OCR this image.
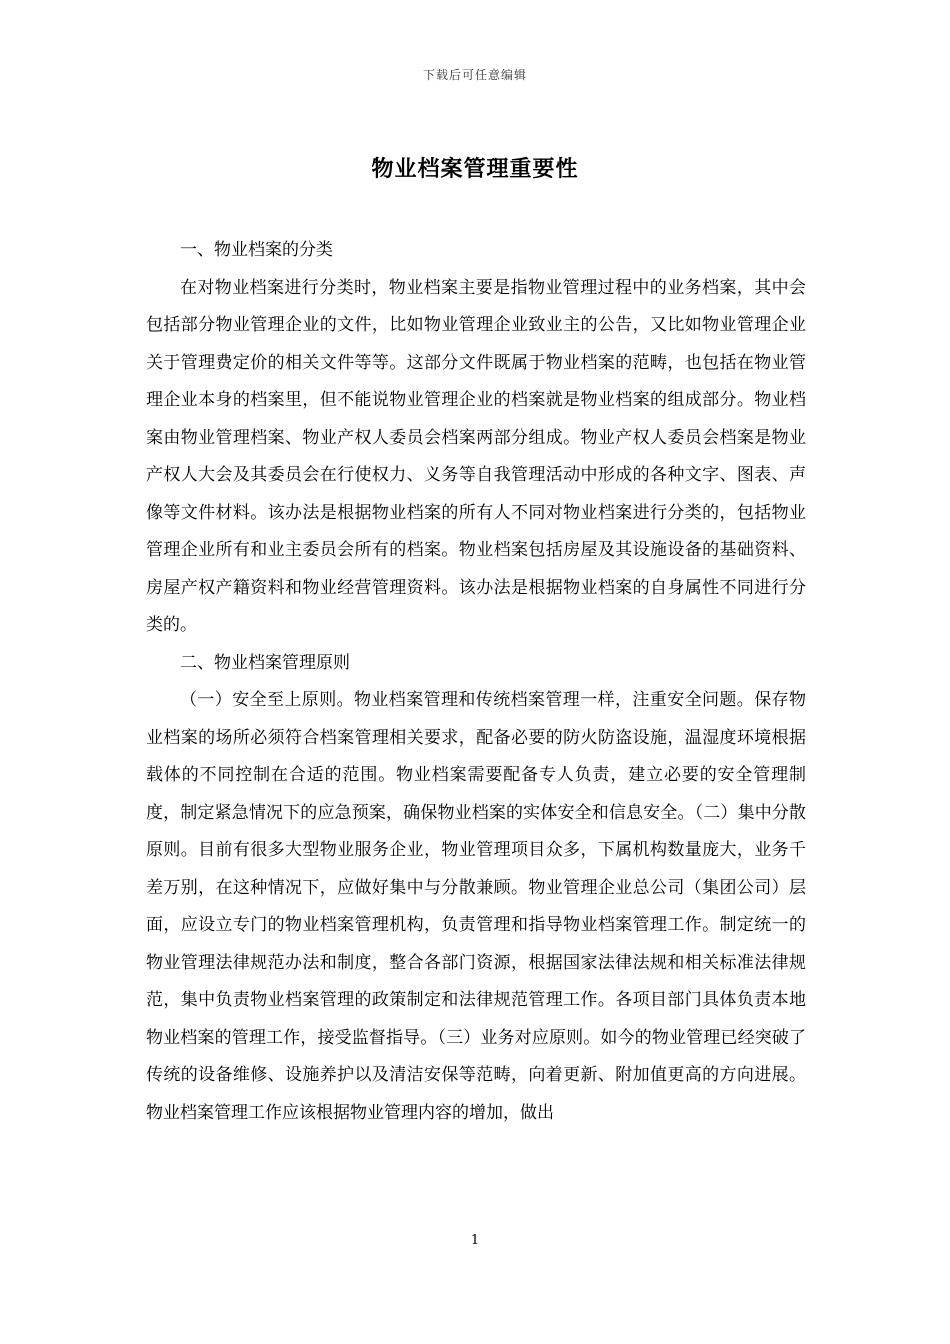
下载后可任意编辑
物业档案管理重要性

一、物业档案的分类

在对物业档案进行分类时，物业档案主要是指物业管理过程中的业务档案，其中会包括部分物业管理企业的文件，比如物业管理企业致业主的公告，又比如物业管理企业关于管理费定价的相关文件等等。这部分文件既属于物业档案的范畴，也包括在物业管理企业本身的档案里，但不能说物业管理企业的档案就是物业档案的组成部分。物业档案由物业管理档案、物业产权人委员会档案两部分组成。物业产权人委员会档案是物业产权人大会及其委员会在行使权力、义务等自我管理活动中形成的各种文字、图表、声像等文件材料。该办法是根据物业档案的所有人不同对物业档案进行分类的，包括物业管理企业所有和业主委员会所有的档案。物业档案包括房屋及其设施设备的基础资料、房屋产权产籍资料和物业经营管理资料。该办法是根据物业档案的自身属性不同进行分类的。

二、物业档案管理原则

（一）安全至上原则。物业档案管理和传统档案管理一样，注重安全问题。保存物业档案的场所必须符合档案管理相关要求，配备必要的防火防盗设施，温湿度环境根据载体的不同控制在合适的范围。物业档案需要配备专人负责，建立必要的安全管理制度，制定紧急情况下的应急预案，确保物业档案的实体安全和信息安全。（二）集中分散原则。目前有很多大型物业服务企业，物业管理项目众多，下属机构数量庞大，业务千差万别，在这种情况下，应做好集中与分散兼顾。物业管理企业总公司（集团公司）层面，应设立专门的物业档案管理机构，负责管理和指导物业档案管理工作。制定统一的物业管理法律规范办法和制度，整合各部门资源，根据国家法律法规和相关标准法律规范，集中负责物业档案管理的政策制定和法律规范管理工作。各项目部门具体负责本地物业档案的管理工作，接受监督指导。（三）业务对应原则。如今的物业管理已经突破了传统的设备维修、设施养护以及清洁安保等范畴，向着更新、附加值更高的方向进展。物业档案管理工作应该根据物业管理内容的增加，做出

1
